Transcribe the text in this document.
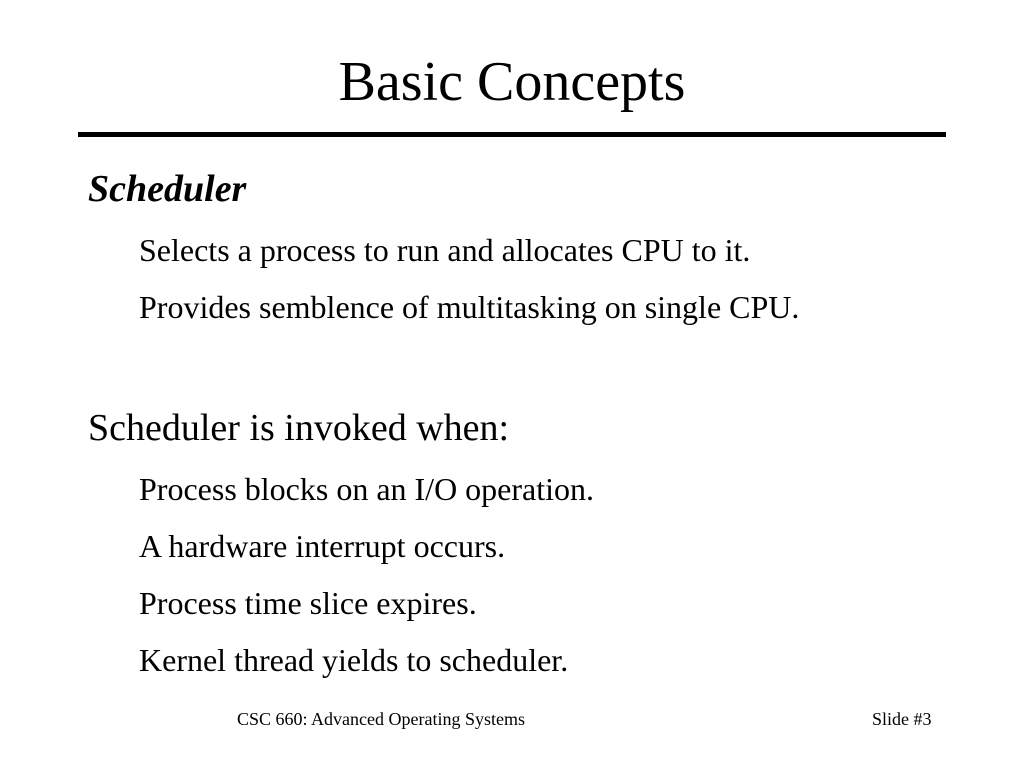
Basic Concepts
Scheduler
Selects a process to run and allocates CPU to it.
Provides semblence of multitasking on single CPU.
Scheduler is invoked when:
Process blocks on an I/O operation.
A hardware interrupt occurs.
Process time slice expires.
Kernel thread yields to scheduler.
CSC 660: Advanced Operating Systems	Slide #3
